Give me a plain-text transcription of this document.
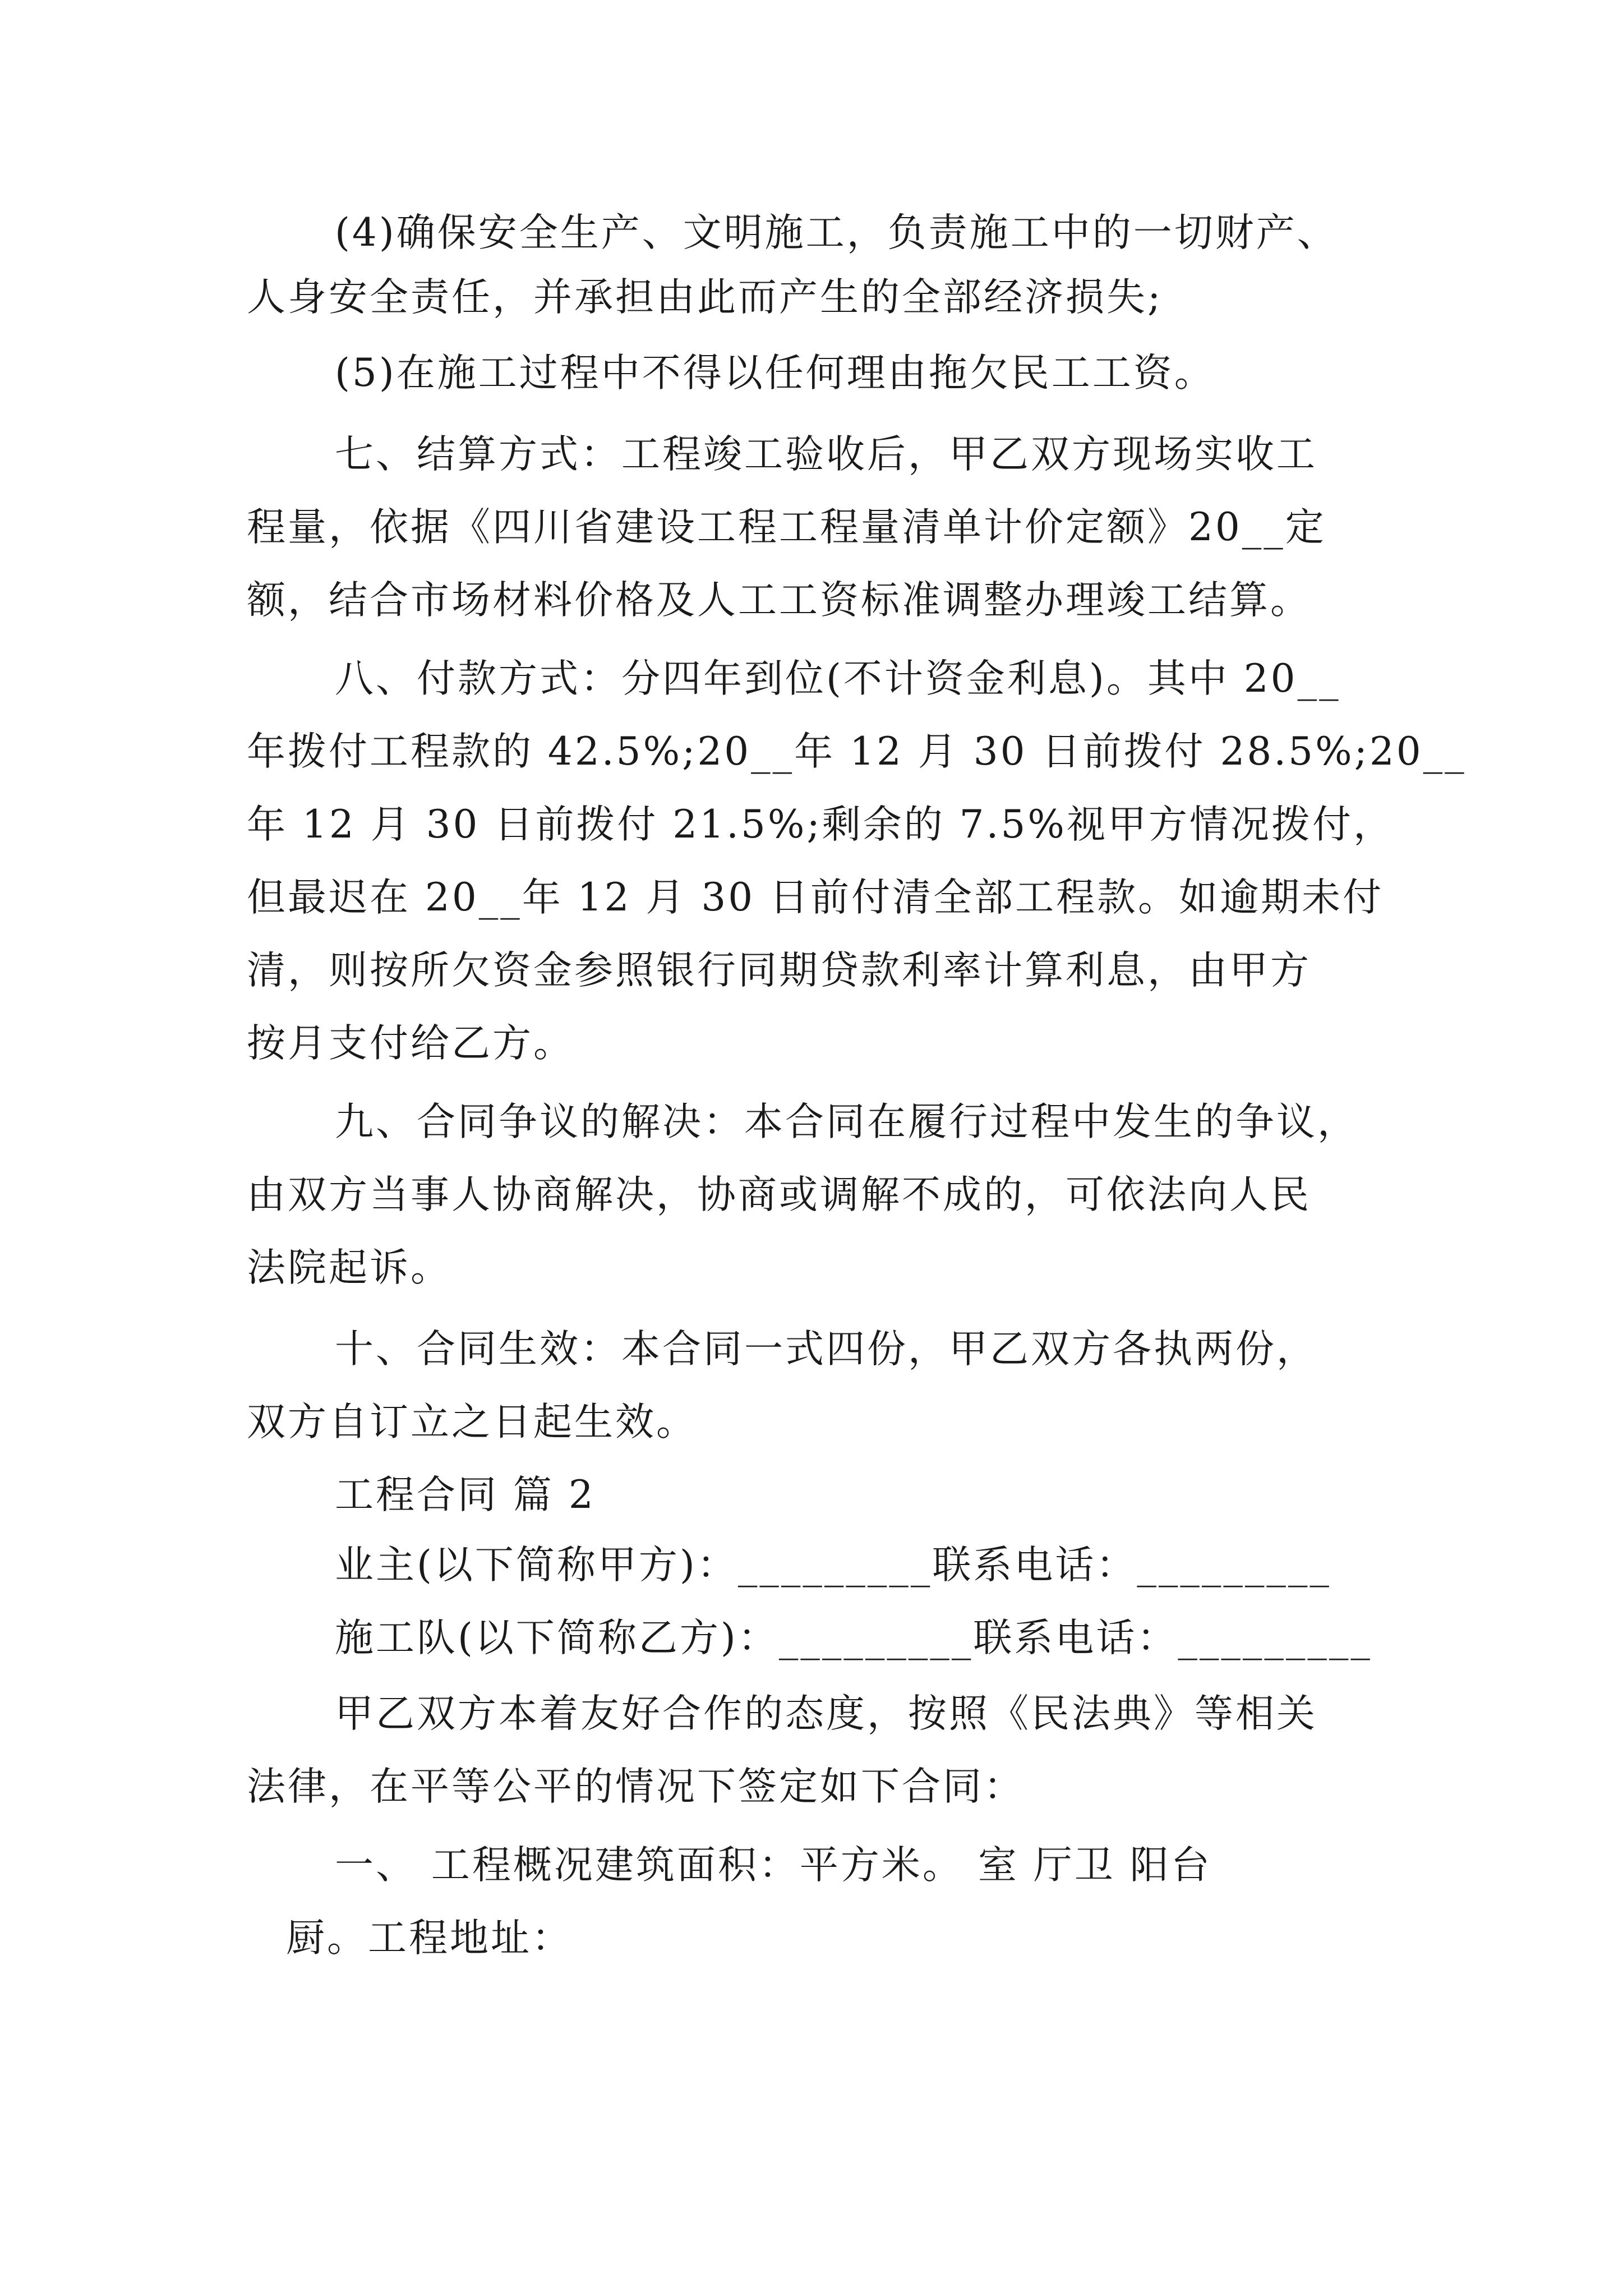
(4)确保安全生产、文明施工，负责施工中的一切财产、
人身安全责任，并承担由此而产生的全部经济损失;
(5)在施工过程中不得以任何理由拖欠民工工资。
七、结算方式：工程竣工验收后，甲乙双方现场实收工
程量，依据《四川省建设工程工程量清单计价定额》20__定
额，结合市场材料价格及人工工资标准调整办理竣工结算。
八、付款方式：分四年到位(不计资金利息)。其中 20__
年拨付工程款的 42.5%;20__年 12 月 30 日前拨付 28.5%;20__
年 12 月 30 日前拨付 21.5%;剩余的 7.5%视甲方情况拨付，
但最迟在 20__年 12 月 30 日前付清全部工程款。如逾期未付
清，则按所欠资金参照银行同期贷款利率计算利息，由甲方
按月支付给乙方。
九、合同争议的解决：本合同在履行过程中发生的争议，
由双方当事人协商解决，协商或调解不成的，可依法向人民
法院起诉。
十、合同生效：本合同一式四份，甲乙双方各执两份，
双方自订立之日起生效。
工程合同 篇 2
业主(以下简称甲方)：_________联系电话：_________
施工队(以下简称乙方)：_________联系电话：_________
甲乙双方本着友好合作的态度，按照《民法典》等相关
法律，在平等公平的情况下签定如下合同：
一、 工程概况建筑面积：平方米。 室 厅卫 阳台
厨。工程地址：
